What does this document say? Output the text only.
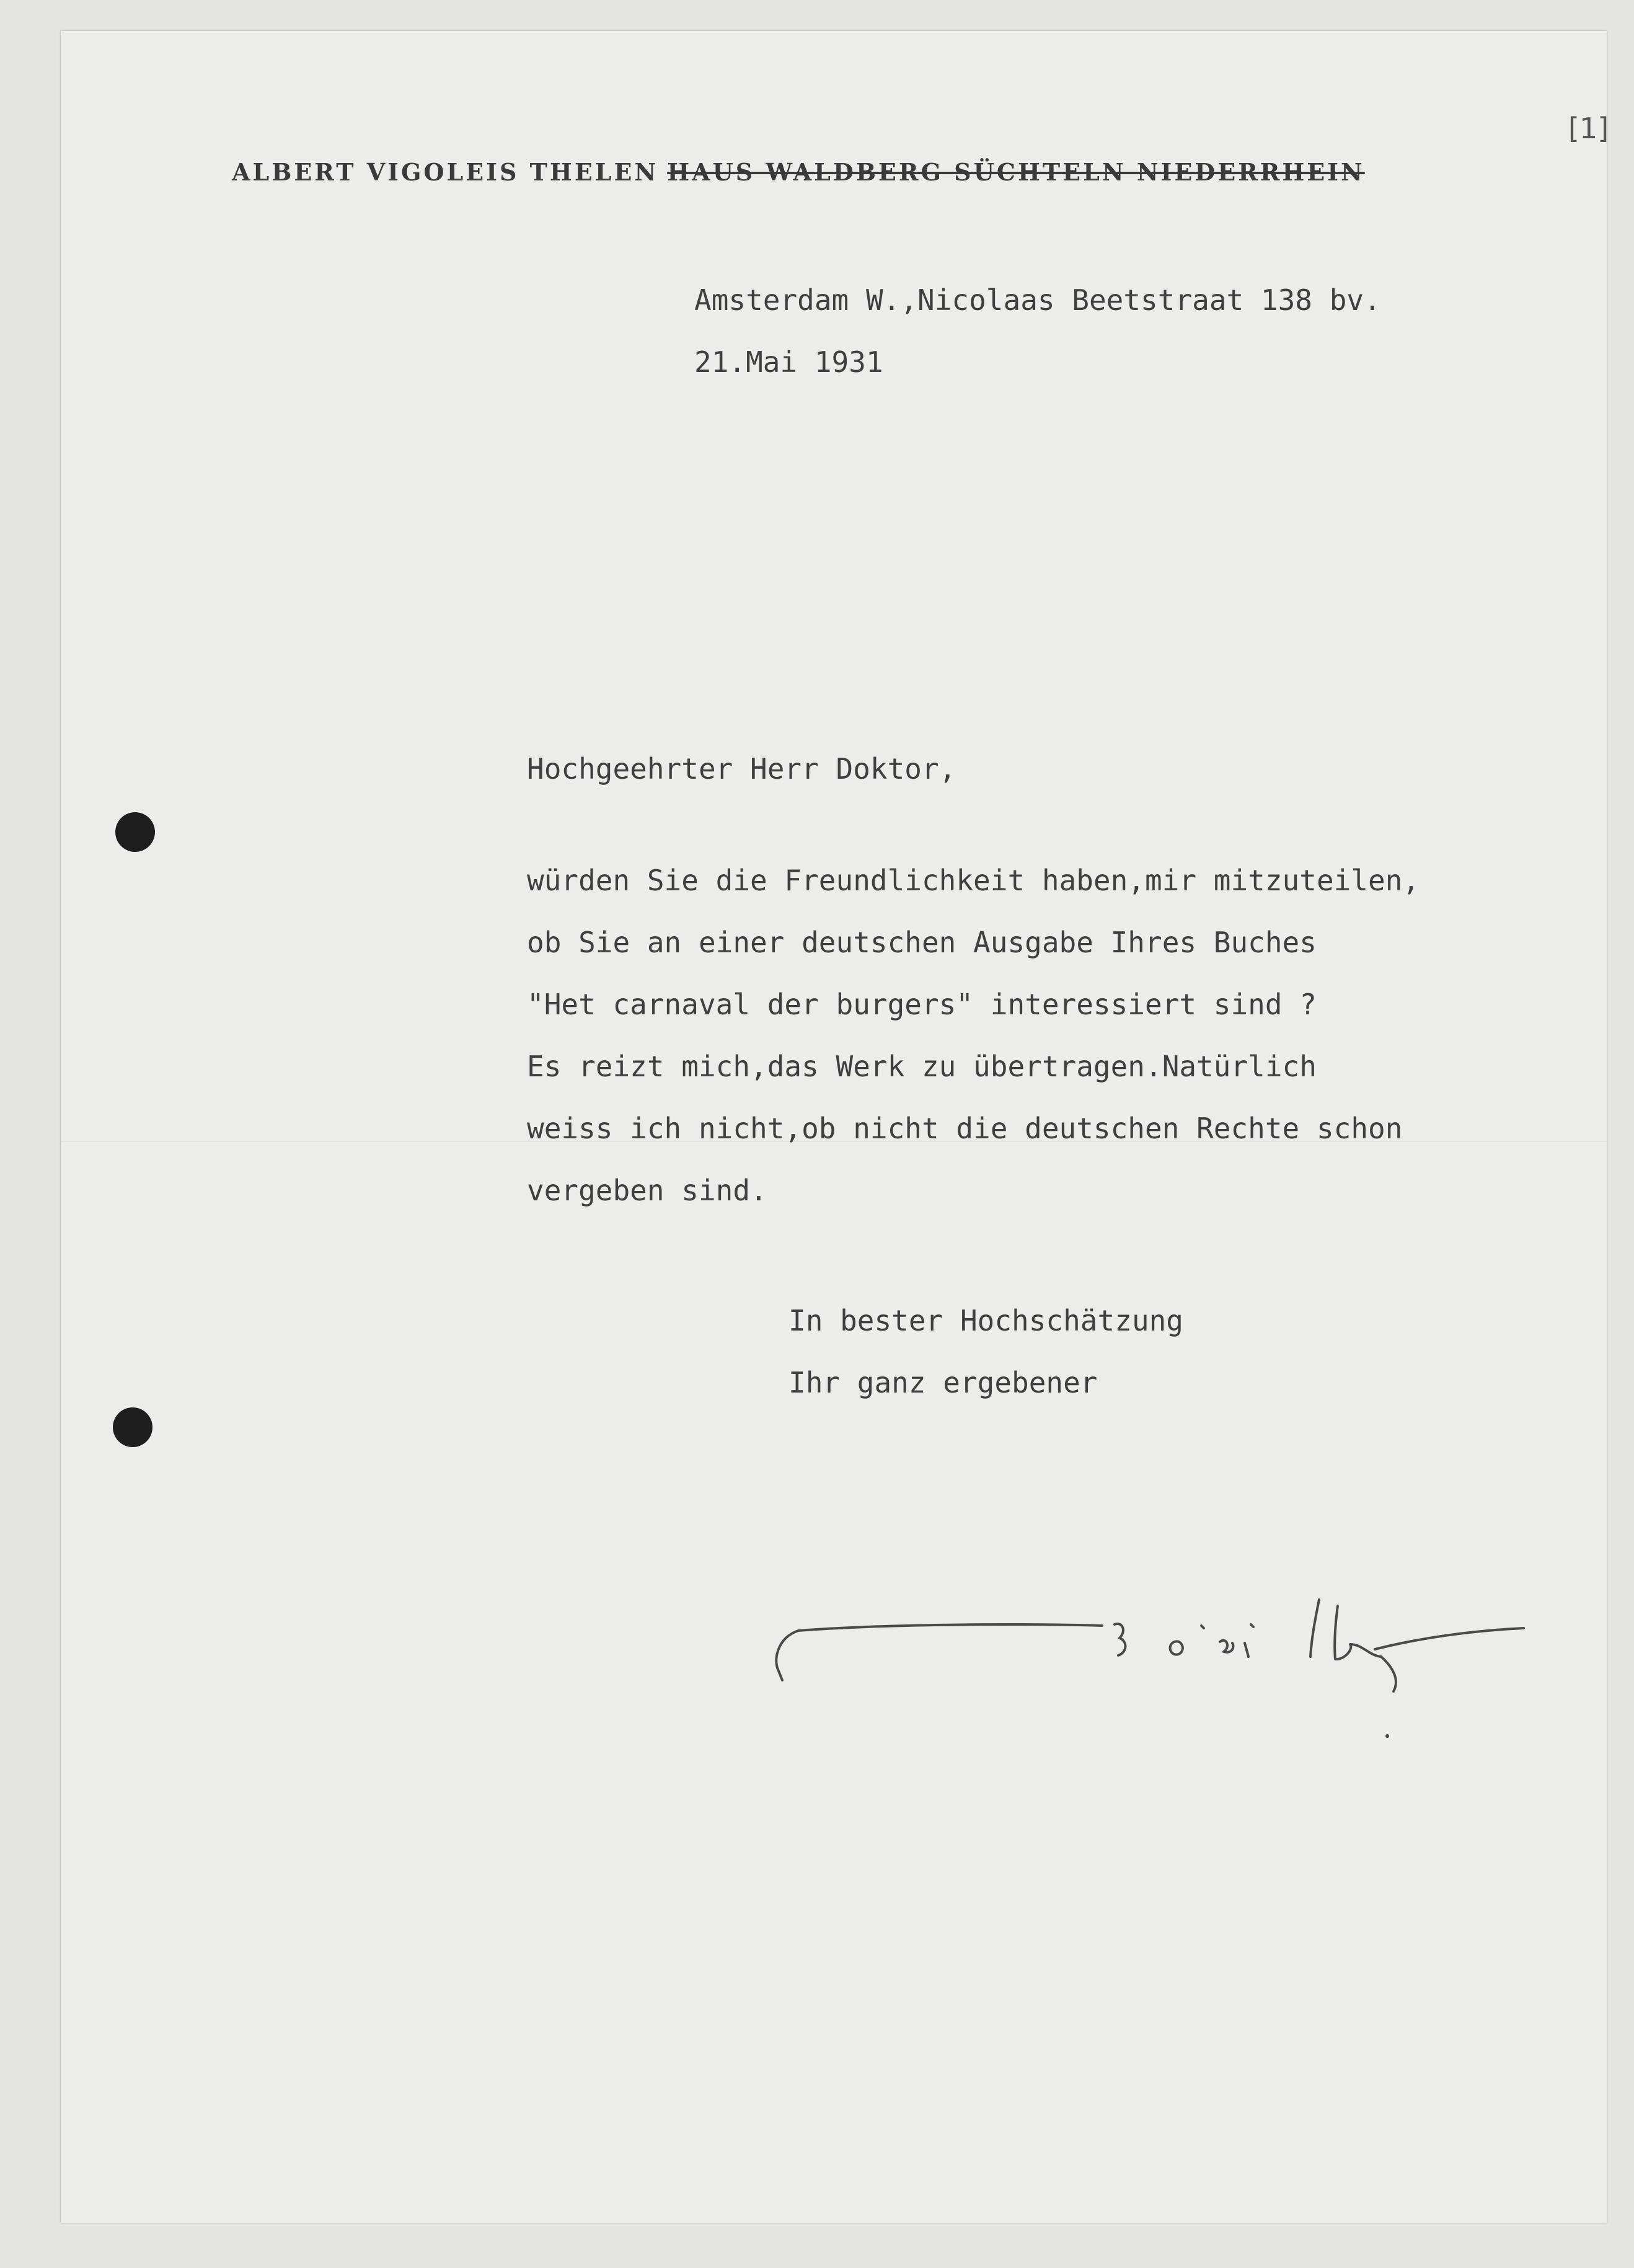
ALBERT VIGOLEIS THELEN HAUS WALDBERG SÜCHTELN NIEDERRHEIN
[1]
Amsterdam W.,Nicolaas Beetstraat 138 bv.
21.Mai 1931
Hochgeehrter Herr Doktor,
würden Sie die Freundlichkeit haben,mir mitzuteilen,
ob Sie an einer deutschen Ausgabe Ihres Buches
"Het carnaval der burgers" interessiert sind ?
Es reizt mich,das Werk zu übertragen.Natürlich
weiss ich nicht,ob nicht die deutschen Rechte schon
vergeben sind.
In bester Hochschätzung
Ihr ganz ergebener
